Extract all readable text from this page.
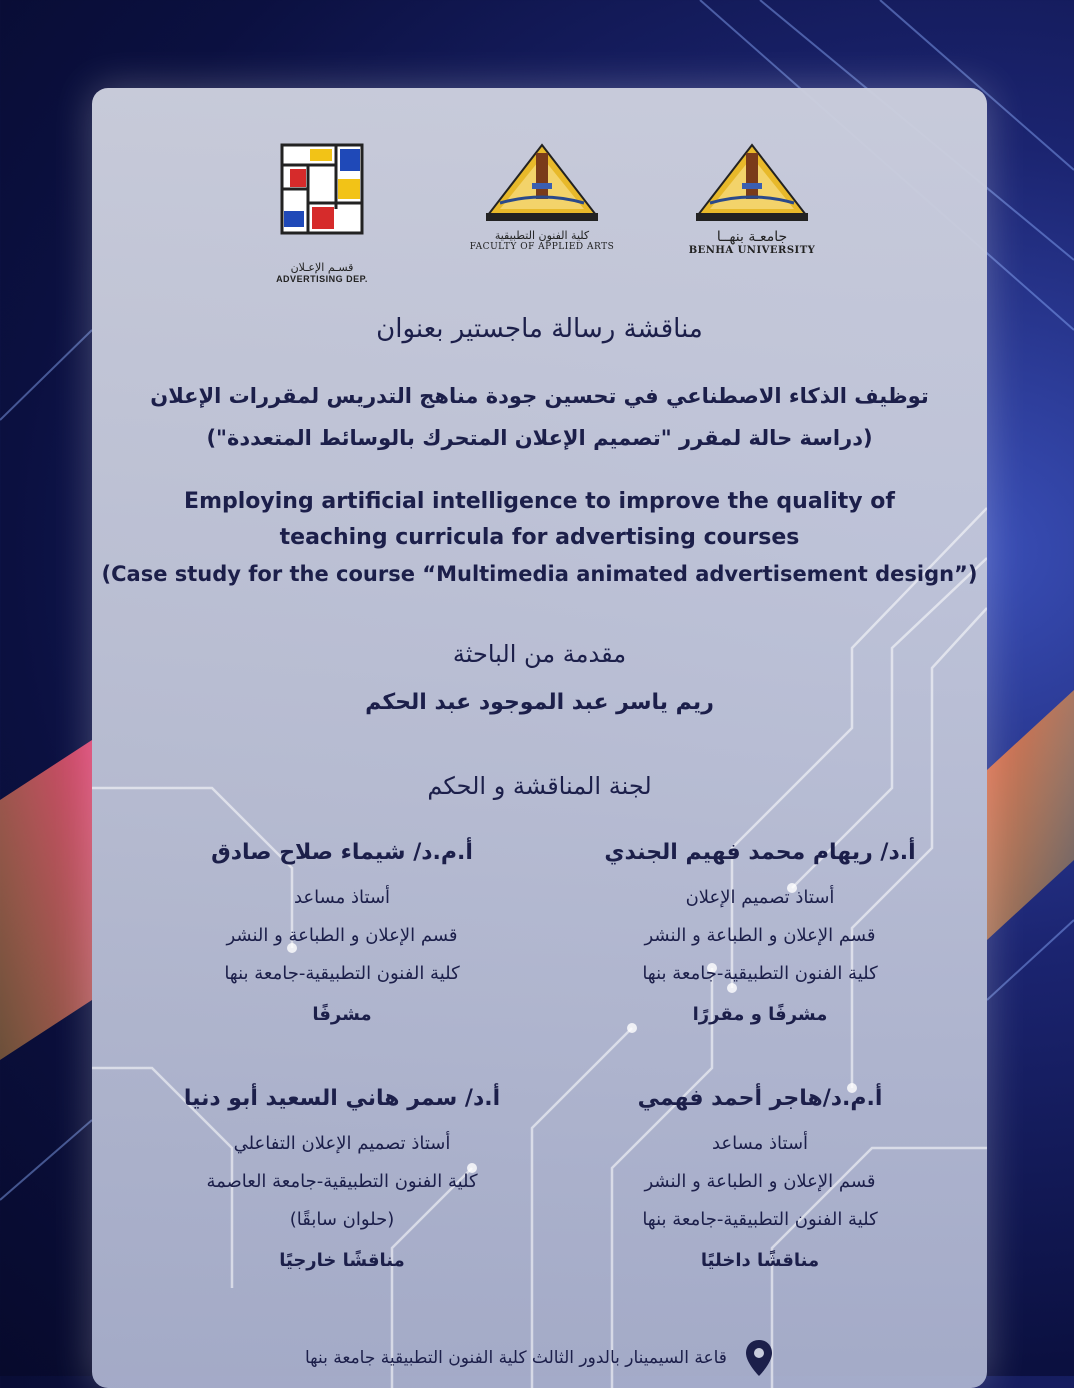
قسـم الإعـلان
ADVERTISING DEP.
كلية الفنون التطبيقية
FACULTY OF APPLIED ARTS
جامعـة بنهــا
BENHA UNIVERSITY
مناقشة رسالة ماجستير بعنوان
توظيف الذكاء الاصطناعي في تحسين جودة مناهج التدريس لمقررات الإعلان
(دراسة حالة لمقرر "تصميم الإعلان المتحرك بالوسائط المتعددة")
Employing artificial intelligence to improve the quality of
teaching curricula for advertising courses
(Case study for the course “Multimedia animated advertisement design”)
مقدمة من الباحثة
ريم ياسر عبد الموجود عبد الحكم
لجنة المناقشة و الحكم
أ.د/ ريهام محمد فهيم الجندي
أستاذ تصميم الإعلان
قسم الإعلان و الطباعة و النشر
كلية الفنون التطبيقية-جامعة بنها
مشرفًا و مقررًا
أ.م.د/ شيماء صلاح صادق
أستاذ مساعد
قسم الإعلان و الطباعة و النشر
كلية الفنون التطبيقية-جامعة بنها
مشرفًا
أ.م.د/هاجر أحمد فهمي
أستاذ مساعد
قسم الإعلان و الطباعة و النشر
كلية الفنون التطبيقية-جامعة بنها
مناقشًا داخليًا
أ.د/ سمر هاني السعيد أبو دنيا
أستاذ تصميم الإعلان التفاعلي
كلية الفنون التطبيقية-جامعة العاصمة
(حلوان سابقًا)
مناقشًا خارجيًا
قاعة السيمينار بالدور الثالث كلية الفنون التطبيقية جامعة بنها
